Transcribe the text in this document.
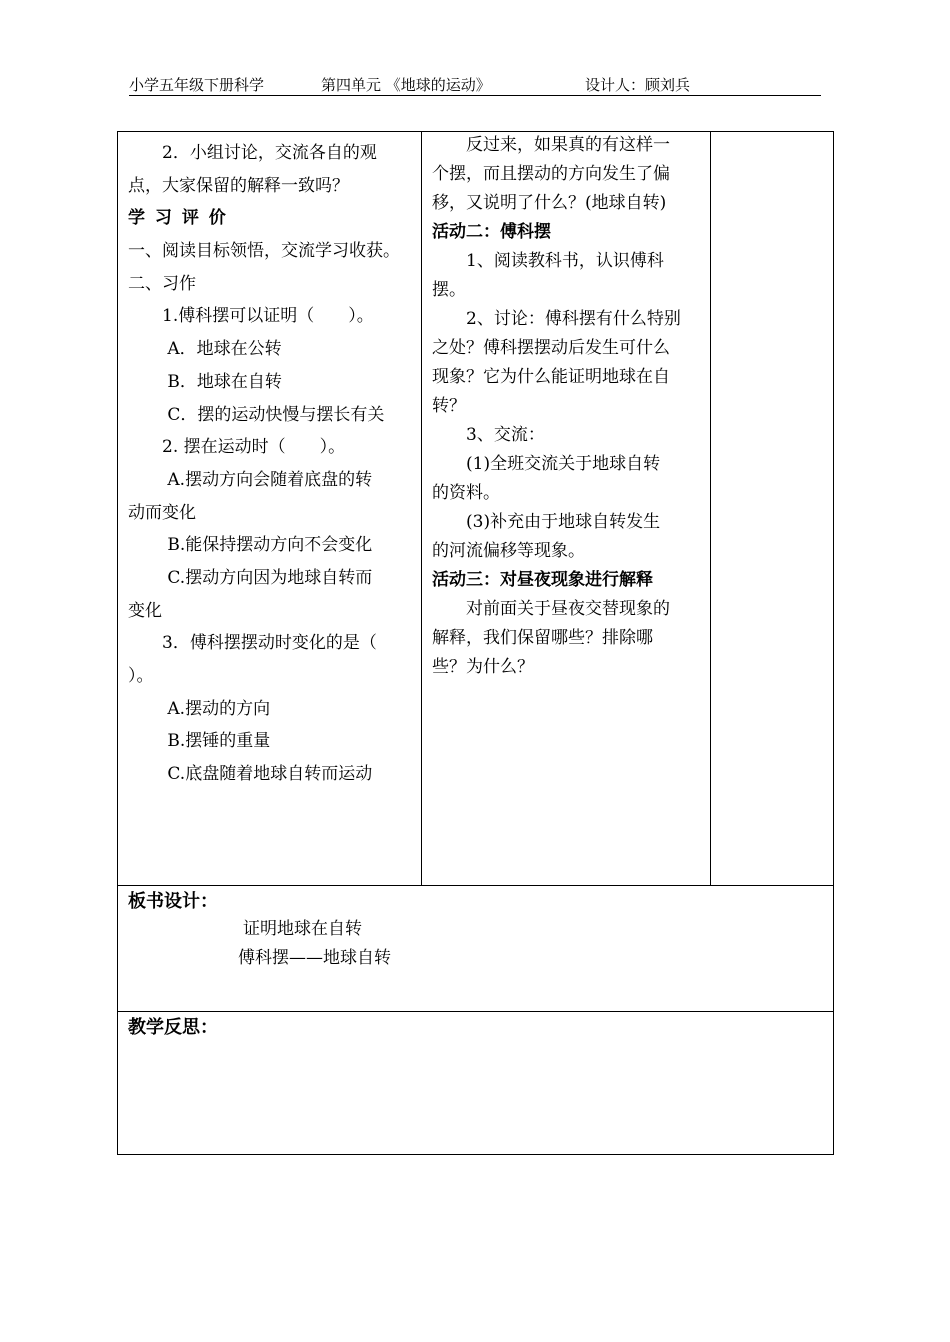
小学五年级下册科学	第四单元 《地球的运动》	设计人：顾刘兵
　　2．小组讨论，交流各自的观
点，大家保留的解释一致吗？
学 习 评 价
一、阅读目标领悟，交流学习收获。
二、习作
　　1.傅科摆可以证明（　　）。
　　 A．地球在公转
　　 B．地球在自转
　　 C．摆的运动快慢与摆长有关
　　2. 摆在运动时（　　）。
　　 A.摆动方向会随着底盘的转
动而变化
　　 B.能保持摆动方向不会变化
　　 C.摆动方向因为地球自转而
变化
　　3．傅科摆摆动时变化的是（
）。
　　 A.摆动的方向
　　 B.摆锤的重量
　　 C.底盘随着地球自转而运动
　　反过来，如果真的有这样一
个摆，而且摆动的方向发生了偏
移，又说明了什么？(地球自转)
活动二：傅科摆
　　1、阅读教科书，认识傅科
摆。
　　2、讨论：傅科摆有什么特别
之处？傅科摆摆动后发生可什么
现象？它为什么能证明地球在自
转？
　　3、交流：
　　(1)全班交流关于地球自转
的资料。
　　(3)补充由于地球自转发生
的河流偏移等现象。
活动三：对昼夜现象进行解释
　　对前面关于昼夜交替现象的
解释，我们保留哪些？排除哪
些？为什么？
板书设计：
证明地球在自转
傅科摆——地球自转
教学反思：
